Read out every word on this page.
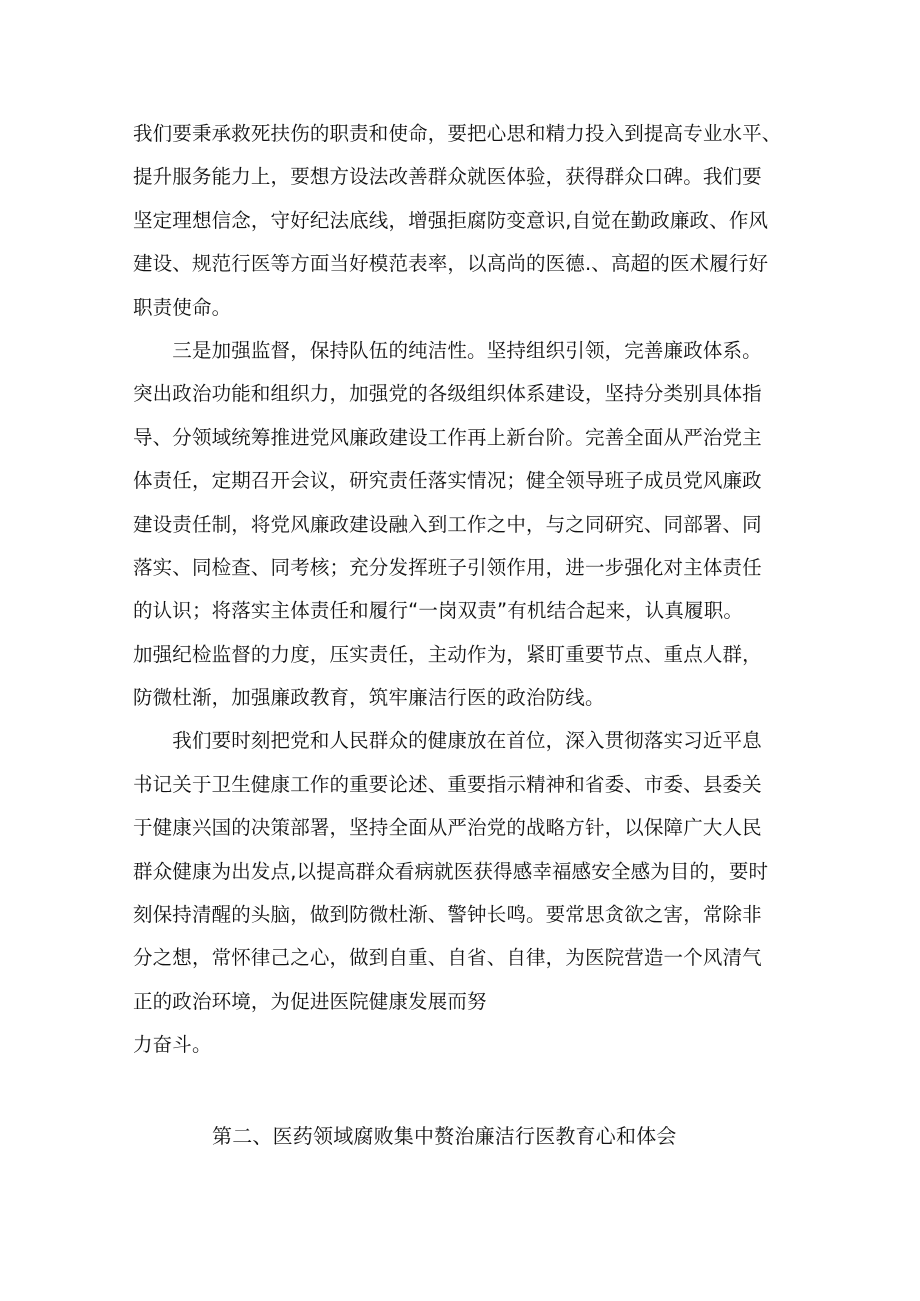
我们要秉承救死扶伤的职责和使命，要把心思和精力投入到提高专业水平、
提升服务能力上，要想方设法改善群众就医体验，获得群众口碑。我们要
坚定理想信念，守好纪法底线，增强拒腐防变意识,自觉在勤政廉政、作风
建设、规范行医等方面当好模范表率，以高尚的医德.、高超的医术履行好
职责使命。
　　三是加强监督，保持队伍的纯洁性。坚持组织引领，完善廉政体系。
突出政治功能和组织力，加强党的各级组织体系建设，坚持分类别具体指
导、分领域统筹推进党风廉政建设工作再上新台阶。完善全面从严治党主
体责任，定期召开会议，研究责任落实情况；健全领导班子成员党风廉政
建设责任制，将党风廉政建设融入到工作之中，与之同研究、同部署、同
落实、同检查、同考核；充分发挥班子引领作用，进一步强化对主体责任
的认识；将落实主体责任和履行“一岗双责”有机结合起来，认真履职。
加强纪检监督的力度，压实责任，主动作为，紧盯重要节点、重点人群，
防微杜渐，加强廉政教育，筑牢廉洁行医的政治防线。
　　我们要时刻把党和人民群众的健康放在首位，深入贯彻落实习近平息
书记关于卫生健康工作的重要论述、重要指示精神和省委、市委、县委关
于健康兴国的决策部署，坚持全面从严治党的战略方针，以保障广大人民
群众健康为出发点,以提高群众看病就医获得感幸福感安全感为目的，要时
刻保持清醒的头脑，做到防微杜渐、警钟长鸣。要常思贪欲之害，常除非
分之想，常怀律己之心，做到自重、自省、自律，为医院营造一个风清气
正的政治环境，为促进医院健康发展而努
力奋斗。
第二、医药领域腐败集中赘治廉洁行医教育心和体会
